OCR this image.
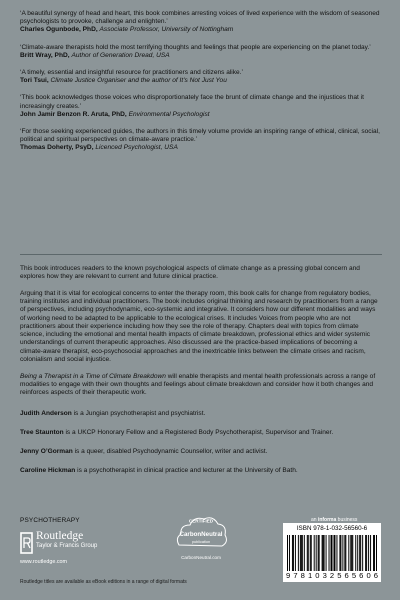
‘A beautiful synergy of head and heart, this book combines arresting voices of lived experience with the wisdom of seasoned psychologists to provoke, challenge and enlighten.’
Charles Ogunbode, PhD, Associate Professor, University of Nottingham
‘Climate-aware therapists hold the most terrifying thoughts and feelings that people are experiencing on the planet today.’
Britt Wray, PhD, Author of Generation Dread, USA
‘A timely, essential and insightful resource for practitioners and citizens alike.’
Tori Tsui, Climate Justice Organiser and the author of It's Not Just You
‘This book acknowledges those voices who disproportionately face the brunt of climate change and the injustices that it increasingly creates.’
John Jamir Benzon R. Aruta, PhD, Environmental Psychologist
‘For those seeking experienced guides, the authors in this timely volume provide an inspiring range of ethical, clinical, social, political and spiritual perspectives on climate-aware practice.’
Thomas Doherty, PsyD, Licenced Psychologist, USA

This book introduces readers to the known psychological aspects of climate change as a pressing global concern and explores how they are relevant to current and future clinical practice.

Arguing that it is vital for ecological concerns to enter the therapy room, this book calls for change from regulatory bodies, training institutes and individual practitioners. The book includes original thinking and research by practitioners from a range of perspectives, including psychodynamic, eco-systemic and integrative. It considers how our different modalities and ways of working need to be adapted to be applicable to the ecological crises. It includes Voices from people who are not practitioners about their experience including how they see the role of therapy. Chapters deal with topics from climate science, including the emotional and mental health impacts of climate breakdown, professional ethics and wider systemic understandings of current therapeutic approaches. Also discussed are the practice-based implications of becoming a climate-aware therapist, eco-psychosocial approaches and the inextricable links between the climate crises and racism, colonialism and social injustice.

Being a Therapist in a Time of Climate Breakdown will enable therapists and mental health professionals across a range of modalities to engage with their own thoughts and feelings about climate breakdown and consider how it both changes and reinforces aspects of their therapeutic work.

Judith Anderson is a Jungian psychotherapist and psychiatrist.

Tree Staunton is a UKCP Honorary Fellow and a Registered Body Psychotherapist, Supervisor and Trainer.

Jenny O’Gorman is a queer, disabled Psychodynamic Counsellor, writer and activist.

Caroline Hickman is a psychotherapist in clinical practice and lecturer at the University of Bath.

PSYCHOTHERAPY
Routledge
Taylor & Francis Group
www.routledge.com
Routledge titles are available as eBook editions in a range of digital formats
CERTIFIED
CarbonNeutral
publication
CarbonNeutral.com
an informa business
ISBN 978-1-032-56560-6
9 7 8 1 0 3 2 5 6 5 6 0 6
